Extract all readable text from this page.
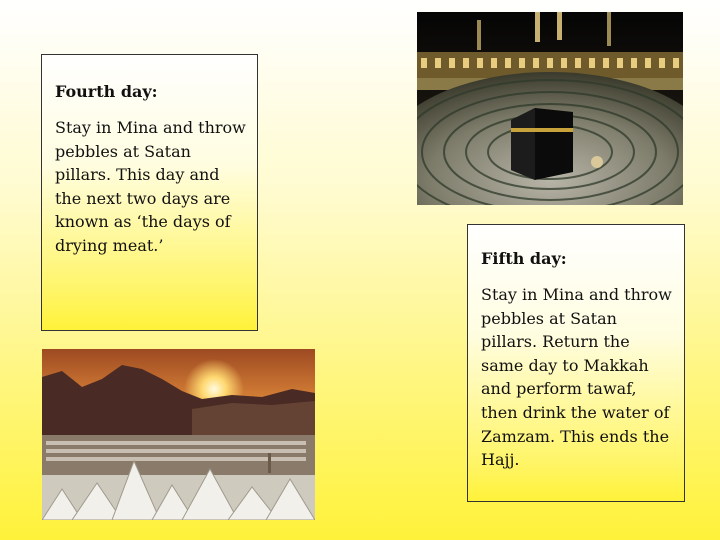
Fourth day:

Stay in Mina and throw pebbles at Satan pillars. This day and the next two days are known as ‘the days of drying meat.’

Fifth day:

Stay in Mina and throw pebbles at Satan pillars. Return the same day to Makkah and perform tawaf, then drink the water of Zamzam. This ends the Hajj.
